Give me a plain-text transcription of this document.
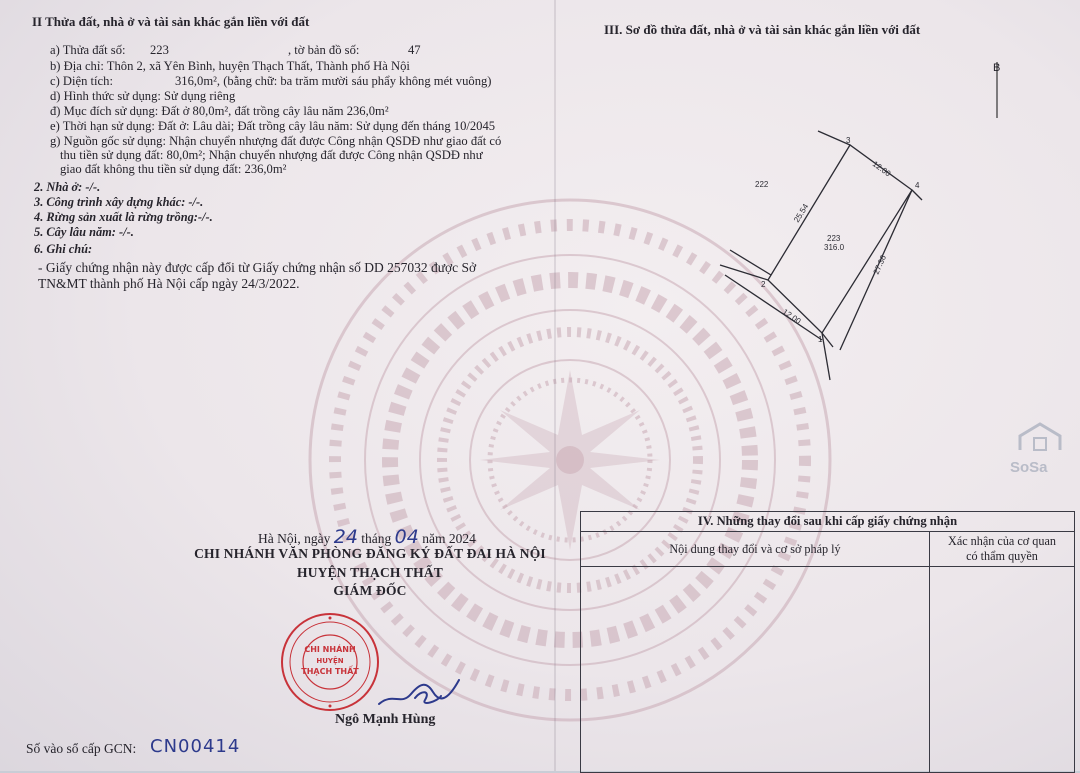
II Thửa đất, nhà ở và tài sản khác gắn liền với đất
a) Thửa đất số: 223	, tờ bản đồ số:	47
b) Địa chỉ: Thôn 2, xã Yên Bình, huyện Thạch Thất, Thành phố Hà Nội
c) Diện tích:	316,0m², (bằng chữ: ba trăm mười sáu phẩy không mét vuông)
d) Hình thức sử dụng: Sử dụng riêng
đ) Mục đích sử dụng: Đất ở 80,0m², đất trồng cây lâu năm 236,0m²
e) Thời hạn sử dụng: Đất ở: Lâu dài; Đất trồng cây lâu năm: Sử dụng đến tháng 10/2045
g) Nguồn gốc sử dụng: Nhận chuyển nhượng đất được Công nhận QSDĐ như giao đất có
thu tiền sử dụng đất: 80,0m²; Nhận chuyển nhượng đất được Công nhận QSDĐ như
giao đất không thu tiền sử dụng đất: 236,0m²
2. Nhà ở: -/-.
3. Công trình xây dựng khác: -/-.
4. Rừng sản xuất là rừng trồng:-/-.
5. Cây lâu năm: -/-.
6. Ghi chú:
- Giấy chứng nhận này được cấp đổi từ Giấy chứng nhận số DD 257032 được Sở
TN&MT thành phố Hà Nội cấp ngày 24/3/2022.
III. Sơ đồ thửa đất, nhà ở và tài sản khác gắn liền với đất
B
1
2
3
4
12.00
25.54
12.00
27.36
222
223
316.0
Hà Nội, ngày 24 tháng 04 năm 2024
CHI NHÁNH VĂN PHÒNG ĐĂNG KÝ ĐẤT ĐAI HÀ NỘI
HUYỆN THẠCH THẤT
GIÁM ĐỐC
CHI NHÁNH
HUYỆN
THẠCH THẤT
Ngô Mạnh Hùng
IV. Những thay đổi sau khi cấp giấy chứng nhận	
Nội dung thay đổi và cơ sở pháp lý	Xác nhận của cơ quan
có thẩm quyền

Số vào sổ cấp GCN: CN00414
SoSa
